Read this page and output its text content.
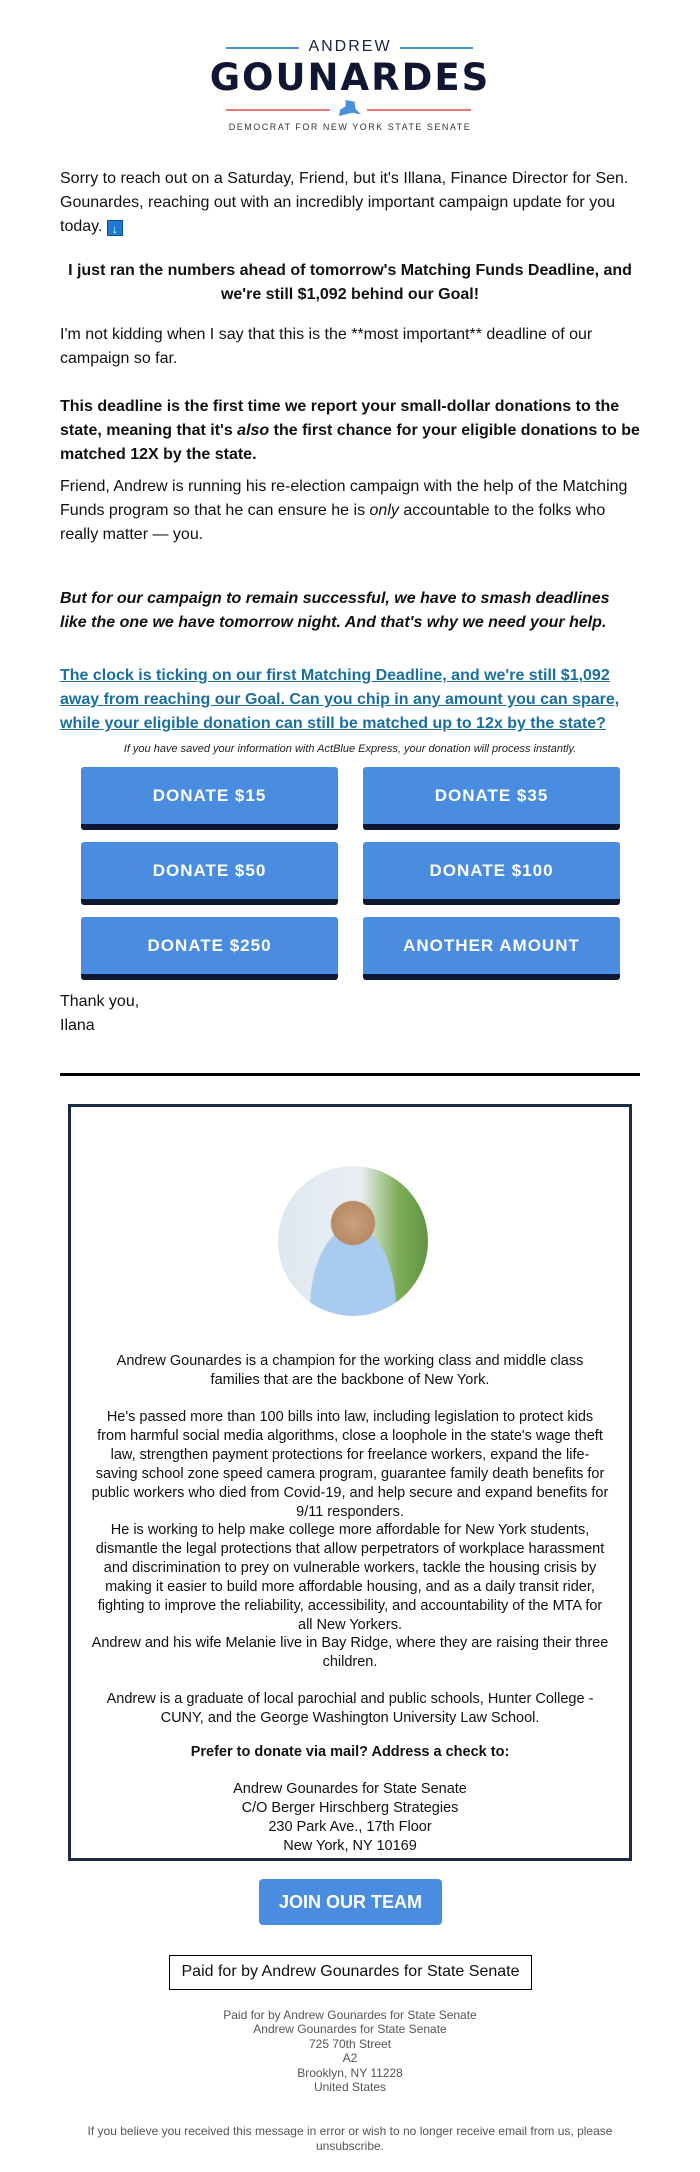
ANDREW
GOUNARDES
DEMOCRAT FOR NEW YORK STATE SENATE
Sorry to reach out on a Saturday, Friend, but it's Illana, Finance Director for Sen. Gounardes, reaching out with an incredibly important campaign update for you today. ↓
I just ran the numbers ahead of tomorrow's Matching Funds Deadline, and we're still $1,092 behind our Goal!
I'm not kidding when I say that this is the **most important** deadline of our campaign so far.
This deadline is the first time we report your small-dollar donations to the state, meaning that it's also the first chance for your eligible donations to be matched 12X by the state.
Friend, Andrew is running his re-election campaign with the help of the Matching Funds program so that he can ensure he is only accountable to the folks who really matter — you.
But for our campaign to remain successful, we have to smash deadlines like the one we have tomorrow night. And that's why we need your help.
The clock is ticking on our first Matching Deadline, and we're still $1,092 away from reaching our Goal. Can you chip in any amount you can spare, while your eligible donation can still be matched up to 12x by the state?
If you have saved your information with ActBlue Express, your donation will process instantly.
DONATE $15	DONATE $35
DONATE $50	DONATE $100
DONATE $250	ANOTHER AMOUNT
Thank you,
Ilana
Andrew Gounardes is a champion for the working class and middle class families that are the backbone of New York.
He's passed more than 100 bills into law, including legislation to protect kids from harmful social media algorithms, close a loophole in the state's wage theft law, strengthen payment protections for freelance workers, expand the life-saving school zone speed camera program, guarantee family death benefits for public workers who died from Covid-19, and help secure and expand benefits for 9/11 responders.
He is working to help make college more affordable for New York students, dismantle the legal protections that allow perpetrators of workplace harassment and discrimination to prey on vulnerable workers, tackle the housing crisis by making it easier to build more affordable housing, and as a daily transit rider, fighting to improve the reliability, accessibility, and accountability of the MTA for all New Yorkers.
Andrew and his wife Melanie live in Bay Ridge, where they are raising their three children.
Andrew is a graduate of local parochial and public schools, Hunter College - CUNY, and the George Washington University Law School.
Prefer to donate via mail? Address a check to:
Andrew Gounardes for State Senate
C/O Berger Hirschberg Strategies
230 Park Ave., 17th Floor
New York, NY 10169
JOIN OUR TEAM
Paid for by Andrew Gounardes for State Senate
Paid for by Andrew Gounardes for State Senate
Andrew Gounardes for State Senate
725 70th Street
A2
Brooklyn, NY 11228
United States
If you believe you received this message in error or wish to no longer receive email from us, please unsubscribe.
